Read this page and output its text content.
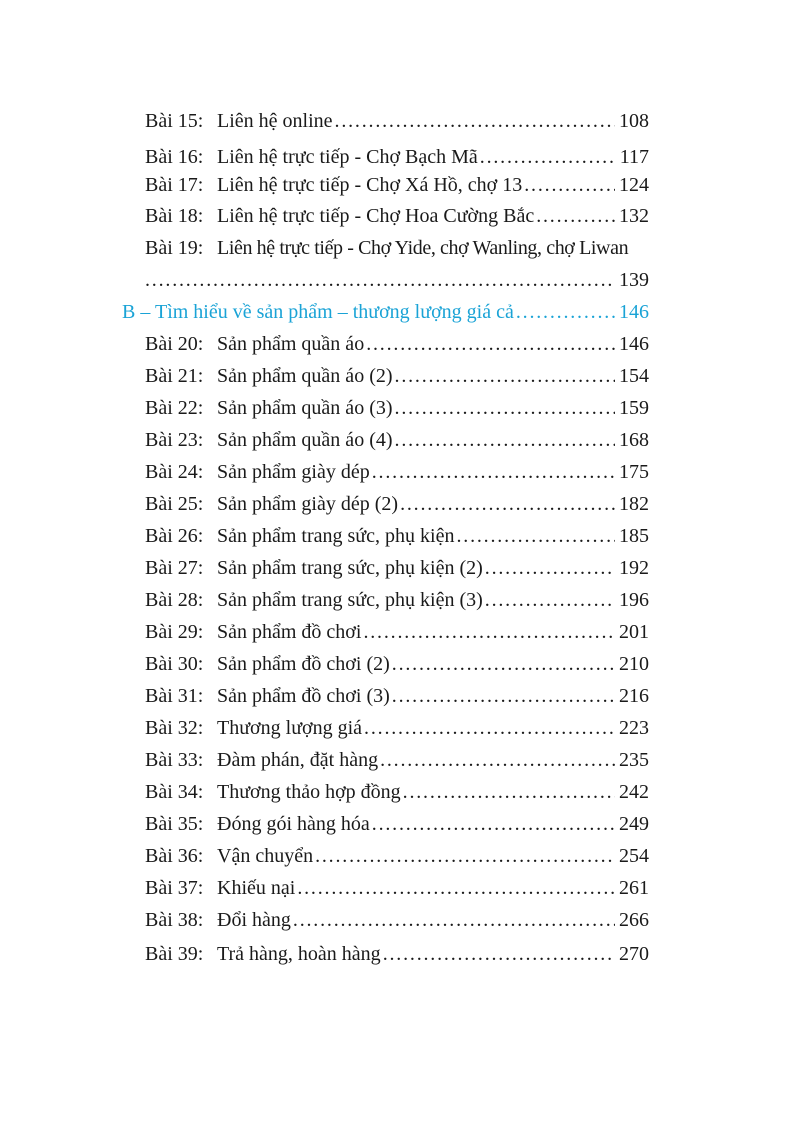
Bài 15: Liên hệ online . . .	108
Bài 16: Liên hệ trực tiếp - Chợ Bạch Mã . . .	117
Bài 17: Liên hệ trực tiếp - Chợ Xá Hồ, chợ 13 . . .	124
Bài 18: Liên hệ trực tiếp - Chợ Hoa Cường Bắc . . .	132
Bài 19: Liên hệ trực tiếp - Chợ Yide, chợ Wanling, chợ Liwan
. . .
139
B – Tìm hiểu về sản phẩm – thương lượng giá cả . . .	146
Bài 20: Sản phẩm quần áo . . .	146
Bài 21: Sản phẩm quần áo (2) . . .	154
Bài 22: Sản phẩm quần áo (3) . . .	159
Bài 23: Sản phẩm quần áo (4) . . .	168
Bài 24: Sản phẩm giày dép . . .	175
Bài 25: Sản phẩm giày dép (2) . . .	182
Bài 26: Sản phẩm trang sức, phụ kiện . . .	185
Bài 27: Sản phẩm trang sức, phụ kiện (2) . . .	192
Bài 28: Sản phẩm trang sức, phụ kiện (3) . . .	196
Bài 29: Sản phẩm đồ chơi . . .	201
Bài 30: Sản phẩm đồ chơi (2) . . .	210
Bài 31: Sản phẩm đồ chơi (3) . . .	216
Bài 32: Thương lượng giá . . .	223
Bài 33: Đàm phán, đặt hàng . . .	235
Bài 34: Thương thảo hợp đồng . . .	242
Bài 35: Đóng gói hàng hóa . . .	249
Bài 36: Vận chuyển . . .	254
Bài 37: Khiếu nại . . .	261
Bài 38: Đổi hàng . . .	266
Bài 39: Trả hàng, hoàn hàng . . .	270
